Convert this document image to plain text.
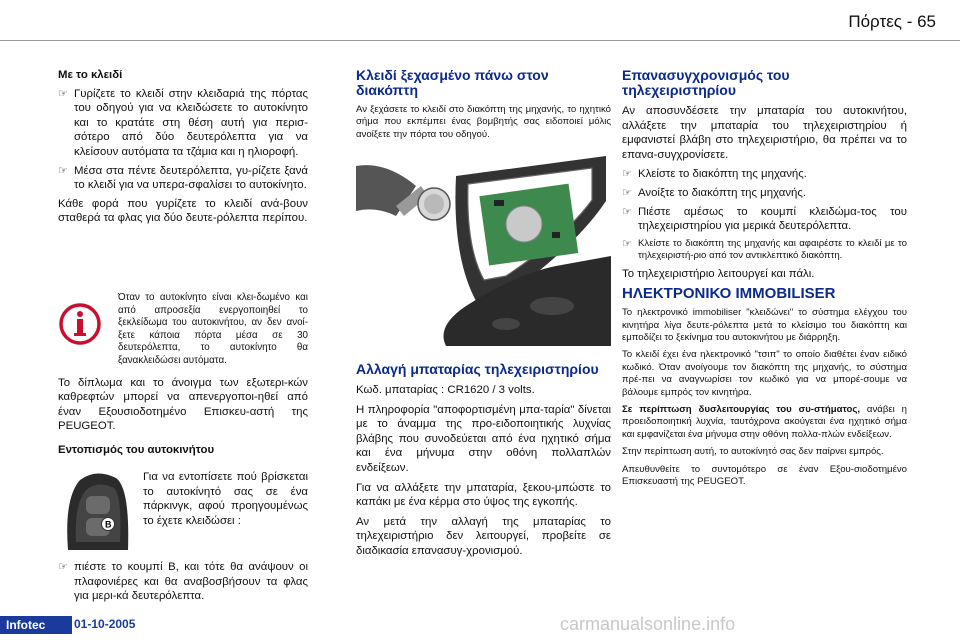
Πόρτες - 65
Με το κλειδί
☞ Γυρίζετε το κλειδί στην κλειδαριά της πόρτας του οδηγού για να κλειδώσετε το αυτοκίνητο και το κρατάτε στη θέση αυτή για περισ-σότερο από δύο δευτερόλεπτα για να κλείσουν αυτόματα τα τζάμια και η ηλιοροφή.
☞ Μέσα στα πέντε δευτερόλεπτα, γυ-ρίζετε ξανά το κλειδί για να υπερα-σφαλίσει το αυτοκίνητο.

Κάθε φορά που γυρίζετε το κλειδί ανά-βουν σταθερά τα φλας για δύο δευτε-ρόλεπτα περίπου.

Όταν το αυτοκίνητο είναι κλει-δωμένο και από απροσεξία ενεργοποιηθεί το ξεκλείδωμα του αυτοκινήτου, αν δεν ανοί-ξετε κάποια πόρτα μέσα σε 30 δευτερόλεπτα, το αυτοκίνητο θα ξανακλειδώσει αυτόματα.

Το δίπλωμα και το άνοιγμα των εξωτερι-κών καθρεφτών μπορεί να απενεργοποι-ηθεί από έναν Εξουσιοδοτημένο Επισκευ-αστή της PEUGEOT.

Εντοπισμός του αυτοκινήτου
B

Για να εντοπίσετε πού βρίσκεται το αυτοκίνητό σας σε ένα πάρκινγκ, αφού προηγουμένως το έχετε κλειδώσει :

☞ πιέστε το κουμπί B, και τότε θα ανάψουν οι πλαφονιέρες και θα αναβοσβήσουν τα φλας για μερι-κά δευτερόλεπτα.
Κλειδί ξεχασμένο πάνω στον διακόπτη

Αν ξεχάσετε το κλειδί στο διακόπτη της μηχανής, το ηχητικό σήμα που εκπέμπει ένας βομβητής σας ειδοποιεί μόλις ανοίξετε την πόρτα του οδηγού.

Αλλαγή μπαταρίας τηλεχειριστηρίου

Κωδ. μπαταρίας : CR1620 / 3 volts.

Η πληροφορία "αποφορτισμένη μπα-ταρία" δίνεται με το άναμμα της προ-ειδοποιητικής λυχνίας βλάβης που συνοδεύεται από ένα ηχητικό σήμα και ένα μήνυμα στην οθόνη πολλαπλών ενδείξεων.

Για να αλλάξετε την μπαταρία, ξεκου-μπώστε το καπάκι με ένα κέρμα στο ύψος της εγκοπής.

Αν μετά την αλλαγή της μπαταρίας το τηλεχειριστήριο δεν λειτουργεί, προβείτε σε διαδικασία επανασυγ-χρονισμού.

Επανασυγχρονισμός του τηλεχειριστηρίου

Αν αποσυνδέσετε την μπαταρία του αυτοκινήτου, αλλάξετε την μπαταρία του τηλεχειριστηρίου ή εμφανιστεί βλάβη στο τηλεχειριστήριο, θα πρέπει να το επανα-συγχρονίσετε.

☞ Κλείστε το διακόπτη της μηχανής.
☞ Ανοίξτε το διακόπτη της μηχανής.
☞ Πιέστε αμέσως το κουμπί κλειδώμα-τος του τηλεχειριστηρίου για μερικά δευτερόλεπτα.
☞ Κλείστε το διακόπτη της μηχανής και αφαιρέστε το κλειδί με το τηλεχειριστή-ριο από τον αντικλεπτικό διακόπτη.

Το τηλεχειριστήριο λειτουργεί και πάλι.

ΗΛΕΚΤΡΟΝΙΚΟ IMMOBILISER

Το ηλεκτρονικό immobiliser "κλειδώνει" το σύστημα ελέγχου του κινητήρα λίγα δευτε-ρόλεπτα μετά το κλείσιμο του διακόπτη και εμποδίζει το ξεκίνημα του αυτοκινήτου με διάρρηξη.

Το κλειδί έχει ένα ηλεκτρονικό "τσιπ" το οποίο διαθέτει έναν ειδικό κωδικό. Όταν ανοίγουμε τον διακόπτη της μηχανής, το σύστημα πρέ-πει να αναγνωρίσει τον κωδικό για να μπορέ-σουμε να βάλουμε εμπρός τον κινητήρα.

Σε περίπτωση δυσλειτουργίας του συ-στήματος, ανάβει η προειδοποιητική λυχνία, ταυτόχρονα ακούγεται ένα ηχητικό σήμα και εμφανίζεται ένα μήνυμα στην οθόνη πολλα-πλών ενδείξεων.

Στην περίπτωση αυτή, το αυτοκίνητό σας δεν παίρνει εμπρός.

Απευθυνθείτε το συντομότερο σε έναν Εξου-σιοδοτημένο Επισκευαστή της PEUGEOT.

Infotec	01-10-2005	carmanualsonline.info
